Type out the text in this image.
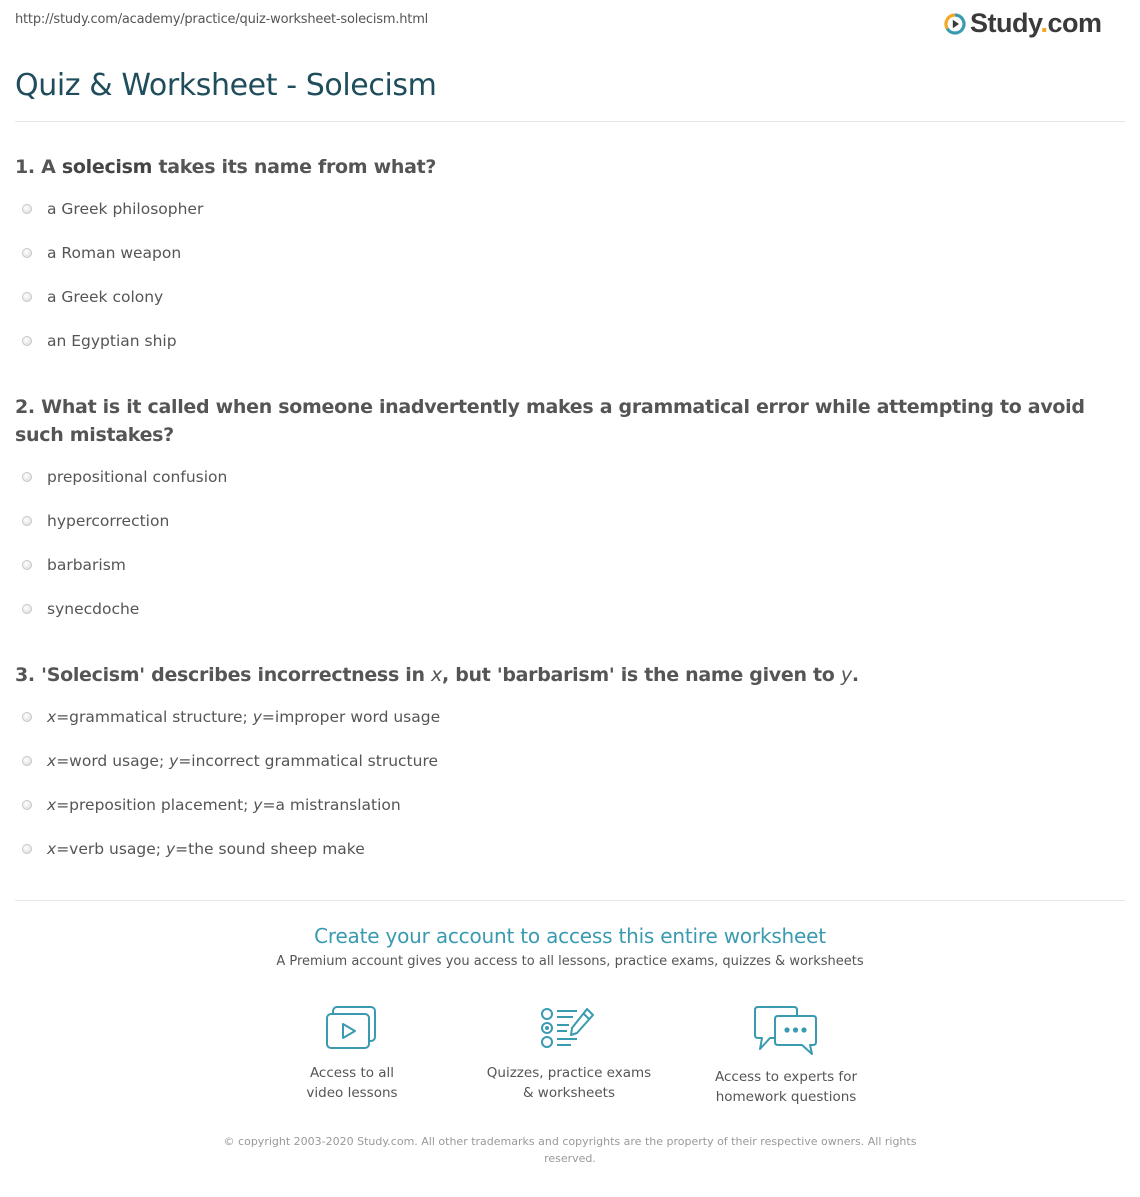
http://study.com/academy/practice/quiz-worksheet-solecism.html	Study.com
Quiz & Worksheet - Solecism
1. A solecism takes its name from what?
a Greek philosopher
a Roman weapon
a Greek colony
an Egyptian ship
2. What is it called when someone inadvertently makes a grammatical error while attempting to avoid such mistakes?
prepositional confusion
hypercorrection
barbarism
synecdoche
3. 'Solecism' describes incorrectness in x, but 'barbarism' is the name given to y.
x=grammatical structure; y=improper word usage
x=word usage; y=incorrect grammatical structure
x=preposition placement; y=a mistranslation
x=verb usage; y=the sound sheep make
Create your account to access this entire worksheet
A Premium account gives you access to all lessons, practice exams, quizzes & worksheets
Access to all
video lessons
Quizzes, practice exams
& worksheets
Access to experts for
homework questions
© copyright 2003-2020 Study.com. All other trademarks and copyrights are the property of their respective owners. All rights reserved.
